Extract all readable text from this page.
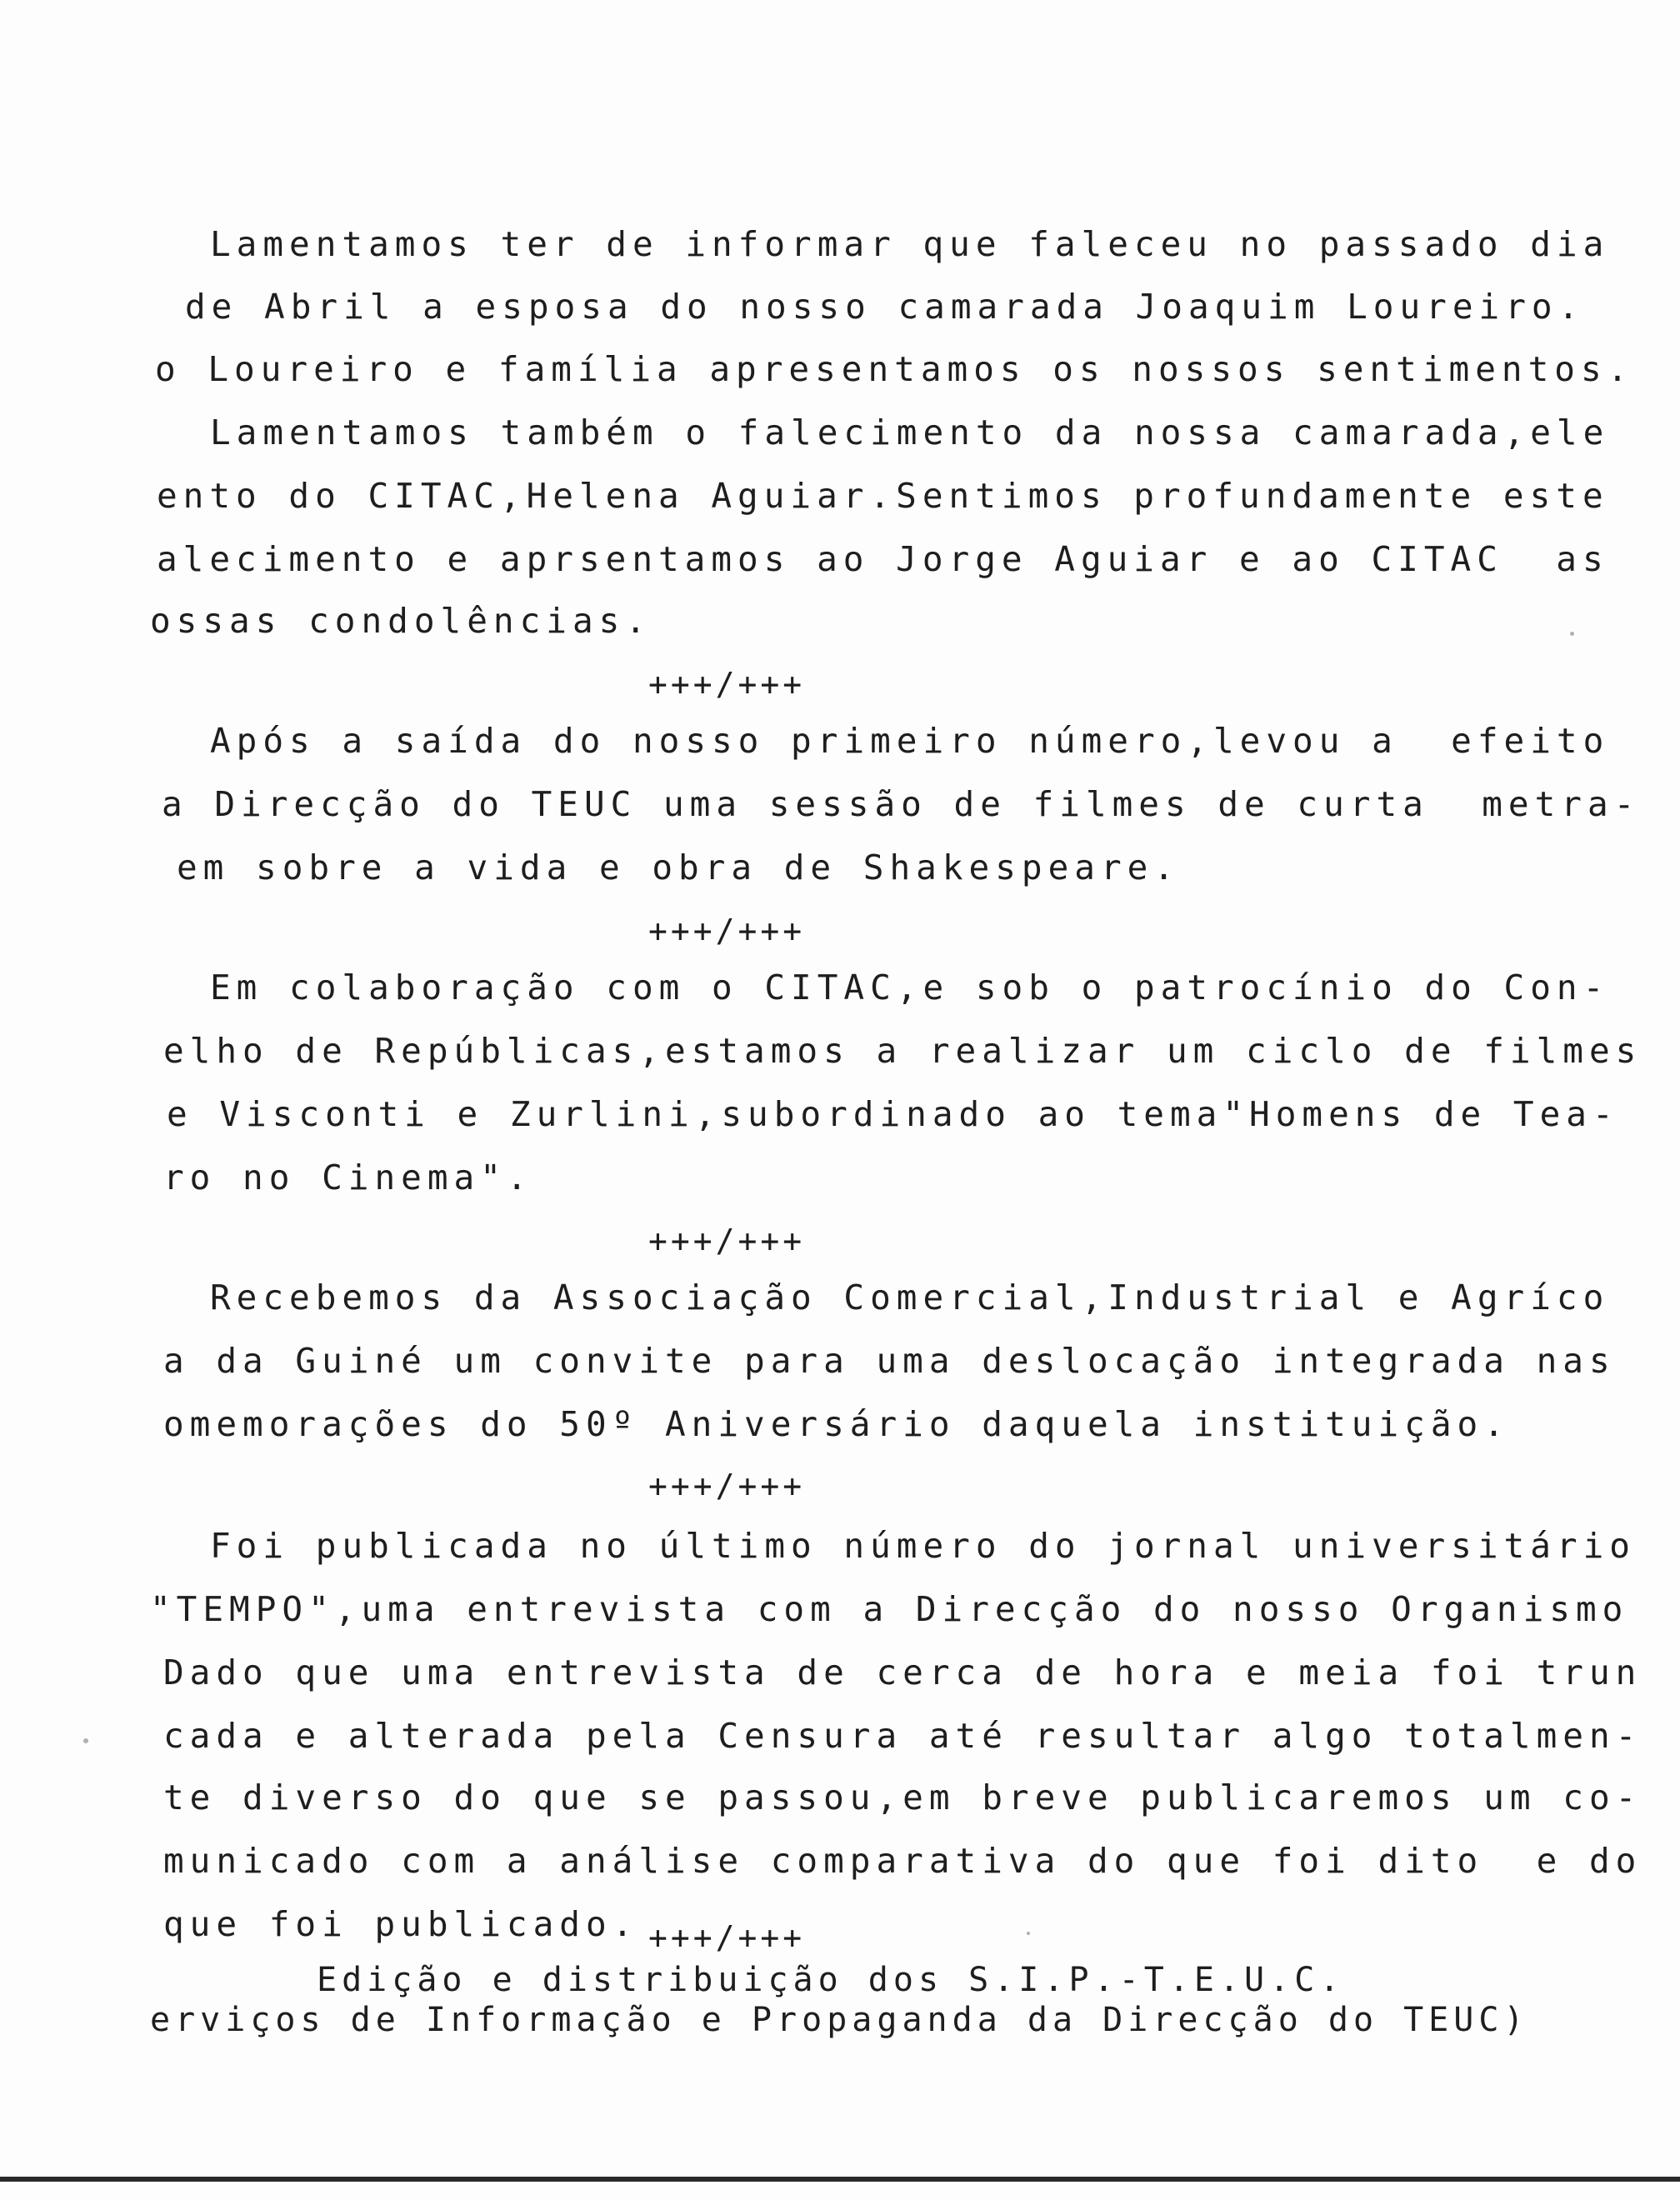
Lamentamos ter de informar que faleceu no passado dia
de Abril a esposa do nosso camarada Joaquim Loureiro.
o Loureiro e família apresentamos os nossos sentimentos.
Lamentamos também o falecimento da nossa camarada,ele
ento do CITAC,Helena Aguiar.Sentimos profundamente este
alecimento e aprsentamos ao Jorge Aguiar e ao CITAC  as
ossas condolências.
+++/+++
Após a saída do nosso primeiro número,levou a  efeito
a Direcção do TEUC uma sessão de filmes de curta  metra-
em sobre a vida e obra de Shakespeare.
+++/+++
Em colaboração com o CITAC,e sob o patrocínio do Con-
elho de Repúblicas,estamos a realizar um ciclo de filmes
e Visconti e Zurlini,subordinado ao tema"Homens de Tea-
ro no Cinema".
+++/+++
Recebemos da Associação Comercial,Industrial e Agríco
a da Guiné um convite para uma deslocação integrada nas
omemorações do 50º Aniversário daquela instituição.
+++/+++
Foi publicada no último número do jornal universitário
"TEMPO",uma entrevista com a Direcção do nosso Organismo
Dado que uma entrevista de cerca de hora e meia foi trun
cada e alterada pela Censura até resultar algo totalmen-
te diverso do que se passou,em breve publicaremos um co-
municado com a análise comparativa do que foi dito  e do
que foi publicado. +++/+++
Edição e distribuição dos S.I.P.-T.E.U.C.
erviços de Informação e Propaganda da Direcção do TEUC)
